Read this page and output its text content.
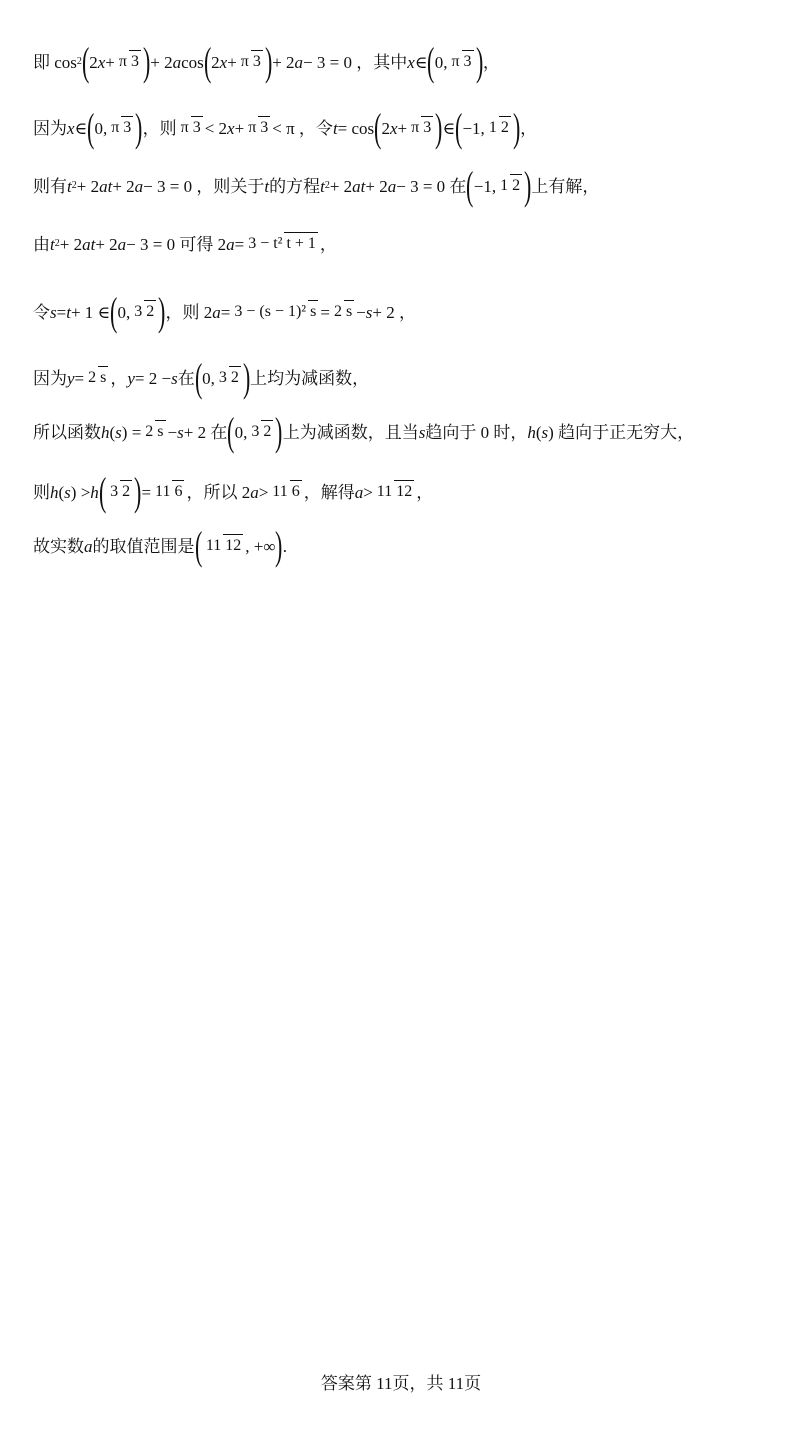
即 cos 2 ( 2 x + π 3 ) + 2 a cos ( 2 x + π 3 ) + 2 a − 3 = 0 ，其中 x ∈ ( 0, π 3 ) ，
因为 x ∈ ( 0, π 3 ) ，则 π 3 < 2 x + π 3 < π ，令 t = cos ( 2 x + π 3 ) ∈ ( −1, 1 2 ) ，
则有 t 2 + 2 at + 2 a − 3 = 0 ，则关于 t 的方程 t 2 + 2 at + 2 a − 3 = 0 在 ( −1, 1 2 ) 上有解，
由 t 2 + 2 at + 2 a − 3 = 0 可得 2 a = 3 − t² t + 1 ，
令 s = t + 1 ∈ ( 0, 3 2 ) ，则 2 a = 3 − (s − 1)² s = 2 s − s + 2 ，
因为 y = 2 s ， y = 2 − s 在 ( 0, 3 2 ) 上均为减函数，
所以函数 h ( s ) = 2 s − s + 2 在 ( 0, 3 2 ) 上为减函数，且当 s 趋向于 0 时， h ( s ) 趋向于正无穷大，
则 h ( s ) > h ( 3 2 ) = 11 6 ，所以 2 a > 11 6 ，解得 a > 11 12 ，
故实数 a 的取值范围是 ( 11 12 , +∞ ) .
答案第 11页，共 11页
